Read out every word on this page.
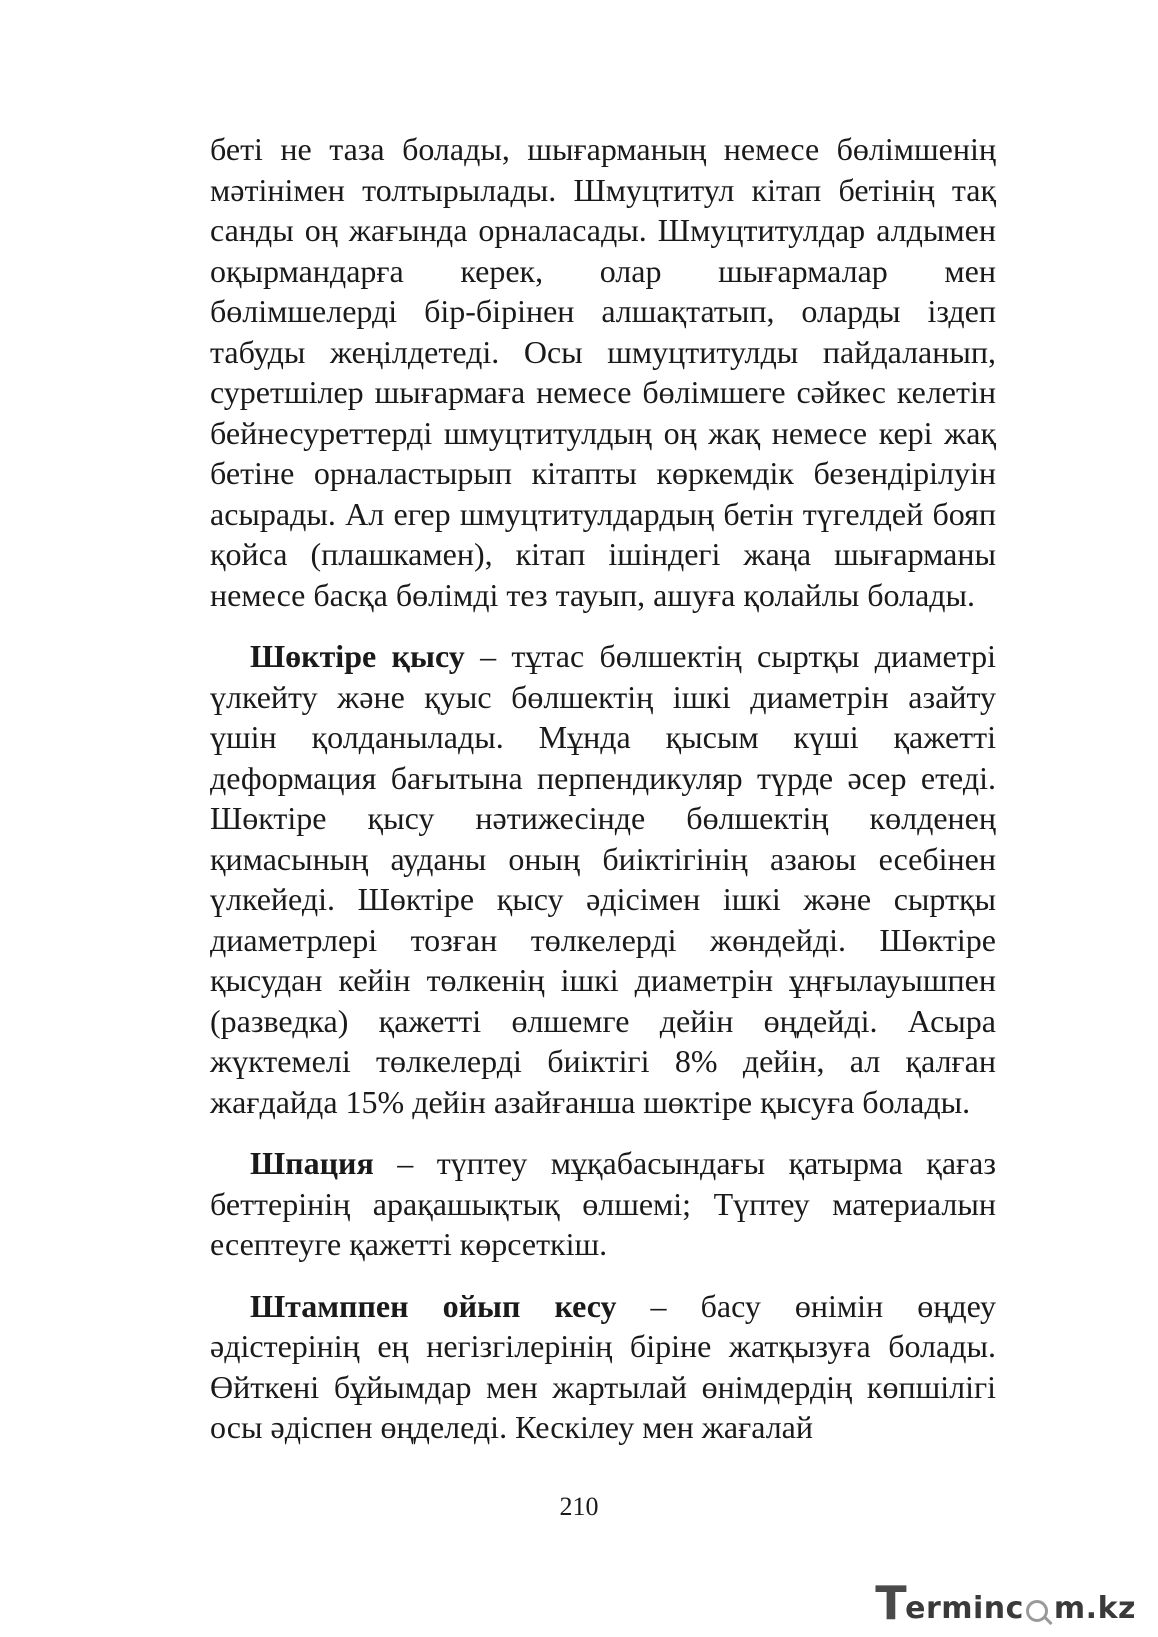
беті не таза болады, шығарманың немесе бөлімшенің мәтінімен толтырылады. Шмуцтитул кітап бетінің тақ санды оң жағында орналасады. Шмуцтитулдар алдымен оқырмандарға керек, олар шығармалар мен бөлімшелерді бір-бірінен алшақтатып, оларды іздеп табуды жеңілдетеді. Осы шмуцтитулды пайдаланып, суретшілер шығармаға немесе бөлімшеге сәйкес келетін бейнесуреттерді шмуцтитулдың оң жақ немесе кері жақ бетіне орналастырып кітапты көркемдік безендірілуін асырады. Ал егер шмуцтитулдардың бетін түгелдей бояп қойса (плашкамен), кітап ішіндегі жаңа шығарманы немесе басқа бөлімді тез тауып, ашуға қолайлы болады.

Шөктіре қысу – тұтас бөлшектің сыртқы диаметрі үлкейту және қуыс бөлшектің ішкі диаметрін азайту үшін қолданылады. Мұнда қысым күші қажетті деформация бағытына перпендикуляр түрде әсер етеді. Шөктіре қысу нәтижесінде бөлшектің көлденең қимасының ауданы оның биіктігінің азаюы есебінен үлкейеді. Шөктіре қысу әдісімен ішкі және сыртқы диаметрлері тозған төлкелерді жөндейді. Шөктіре қысудан кейін төлкенің ішкі диаметрін ұңғылауышпен (разведка) қажетті өлшемге дейін өңдейді. Асыра жүктемелі төлкелерді биіктігі 8% дейін, ал қалған жағдайда 15% дейін азайғанша шөктіре қысуға болады.

Шпация – түптеу мұқабасындағы қатырма қағаз беттерінің арақашықтық өлшемі; Түптеу материалын есептеуге қажетті көрсеткіш.

Штамппен ойып кесу – басу өнімін өңдеу әдістерінің ең негізгілерінің біріне жатқызуға болады. Өйткені бұйымдар мен жартылай өнімдердің көпшілігі осы әдіспен өңделеді. Кескілеу мен жағалай

210
T
erminc m.kz
